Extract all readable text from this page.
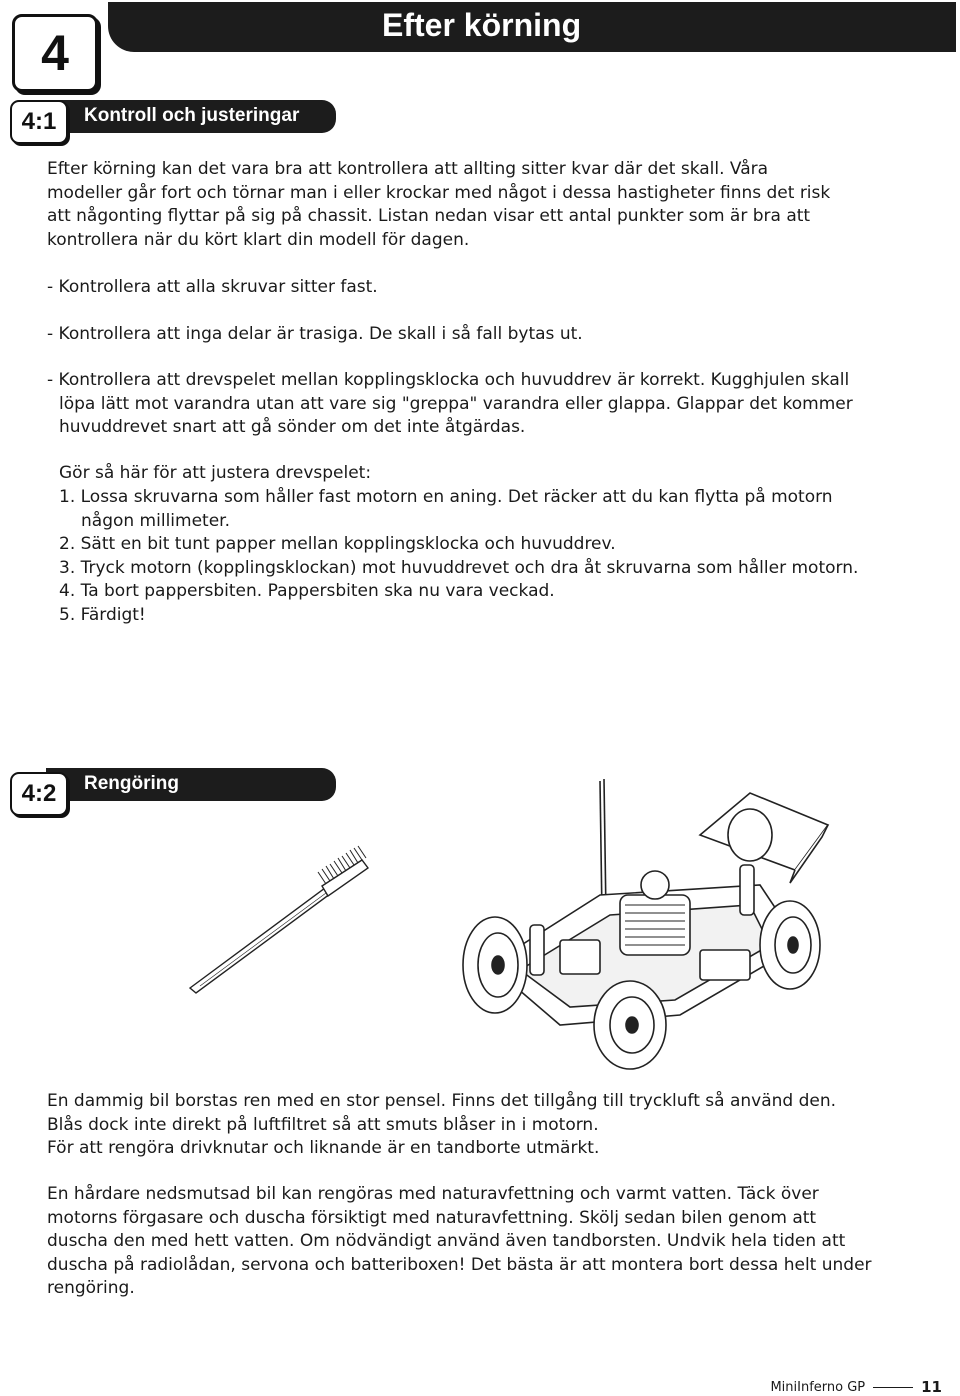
4	Efter körning
4:1	Kontroll och justeringar

Efter körning kan det vara bra att kontrollera att allting sitter kvar där det skall. Våra

modeller går fort och törnar man i eller krockar med något i dessa hastigheter finns det risk

att någonting flyttar på sig på chassit. Listan nedan visar ett antal punkter som är bra att

kontrollera när du kört klart din modell för dagen.

- Kontrollera att alla skruvar sitter fast.

- Kontrollera att inga delar är trasiga. De skall i så fall bytas ut.

- Kontrollera att drevspelet mellan kopplingsklocka och huvuddrev är korrekt. Kugghjulen skall

löpa lätt mot varandra utan att vare sig "greppa" varandra eller glappa. Glappar det kommer

huvuddrevet snart att gå sönder om det inte åtgärdas.

Gör så här för att justera drevspelet:

1. Lossa skruvarna som håller fast motorn en aning. Det räcker att du kan flytta på motorn

någon millimeter.

2. Sätt en bit tunt papper mellan kopplingsklocka och huvuddrev.

3. Tryck motorn (kopplingsklockan) mot huvuddrevet och dra åt skruvarna som håller motorn.

4. Ta bort pappersbiten. Pappersbiten ska nu vara veckad.

5. Färdigt!

4:2	Rengöring

En dammig bil borstas ren med en stor pensel. Finns det tillgång till tryckluft så använd den.

Blås dock inte direkt på luftfiltret så att smuts blåser in i motorn.

För att rengöra drivknutar och liknande är en tandborte utmärkt.

En hårdare nedsmutsad bil kan rengöras med naturavfettning och varmt vatten. Täck över

motorns förgasare och duscha försiktigt med naturavfettning. Skölj sedan bilen genom att

duscha den med hett vatten. Om nödvändigt använd även tandborsten. Undvik hela tiden att

duscha på radiolådan, servona och batteriboxen! Det bästa är att montera bort dessa helt under

rengöring.

MiniInferno GP	11
